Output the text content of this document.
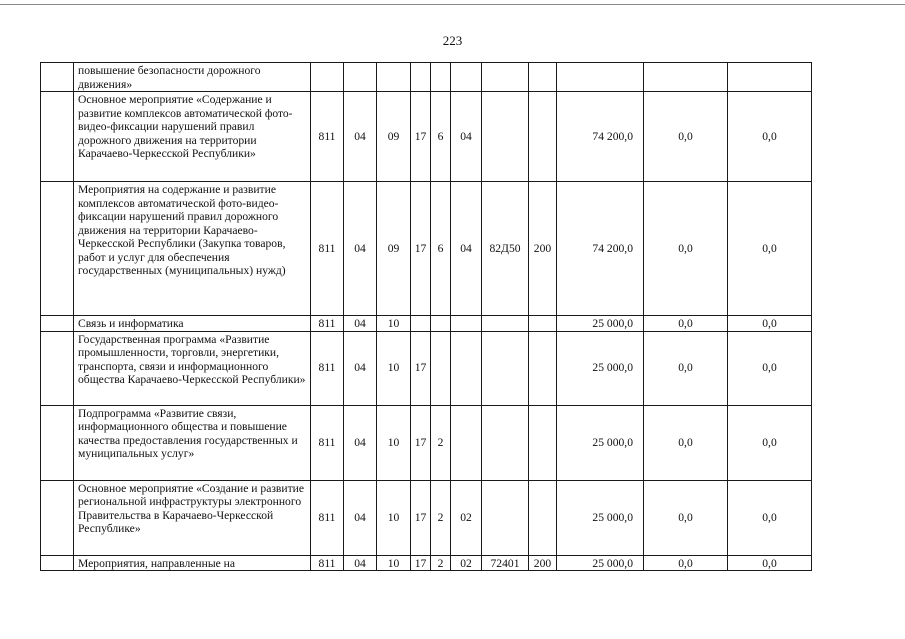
223
	повышение безопасности дорожного движения»											
	Основное мероприятие «Содержание и развитие комплексов автоматической фото-видео-фиксации нарушений правил дорожного движения на территории Карачаево-Черкесской Республики»	811	04	09	17	6	04			74 200,0	0,0	0,0
	Мероприятия на содержание и развитие комплексов автоматической фото-видео-фиксации нарушений правил дорожного движения на территории Карачаево-Черкесской Республики (Закупка товаров, работ и услуг для обеспечения государственных (муниципальных) нужд)	811	04	09	17	6	04	82Д50	200	74 200,0	0,0	0,0
	Связь и информатика	811	04	10						25 000,0	0,0	0,0
	Государственная программа «Развитие промышленности, торговли, энергетики, транспорта, связи и информационного общества Карачаево-Черкесской Республики»	811	04	10	17					25 000,0	0,0	0,0
	Подпрограмма «Развитие связи, информационного общества и повышение качества предоставления государственных и муниципальных услуг»	811	04	10	17	2				25 000,0	0,0	0,0
	Основное мероприятие «Создание и развитие региональной инфраструктуры электронного Правительства в Карачаево-Черкесской Республике»	811	04	10	17	2	02			25 000,0	0,0	0,0
	Мероприятия, направленные на	811	04	10	17	2	02	72401	200	25 000,0	0,0	0,0
